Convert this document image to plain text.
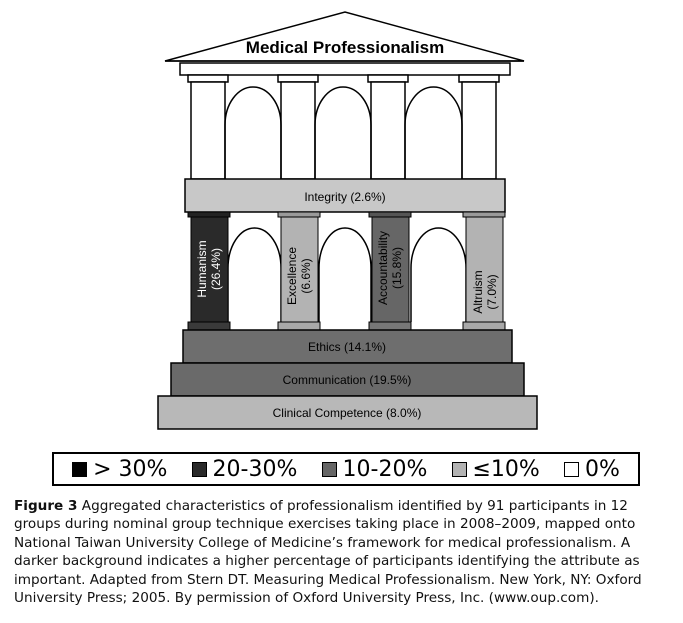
Medical Professionalism
Integrity (2.6%)
Humanism (26.4%)	Excellence (6.6%)	Accountability (15.8%)
Altruism (7.0%)
Ethics (14.1%)
Communication (19.5%)
Clinical Competence (8.0%)
> 30% 20-30% 10-20% ≤10% 0%
Figure 3 Aggregated characteristics of professionalism identified by 91 participants in 12 groups during nominal group technique exercises taking place in 2008–2009, mapped onto National Taiwan University College of Medicine’s framework for medical professionalism. A darker background indicates a higher percentage of participants identifying the attribute as important. Adapted from Stern DT. Measuring Medical Professionalism. New York, NY: Oxford University Press; 2005. By permission of Oxford University Press, Inc. (www.oup.com).
